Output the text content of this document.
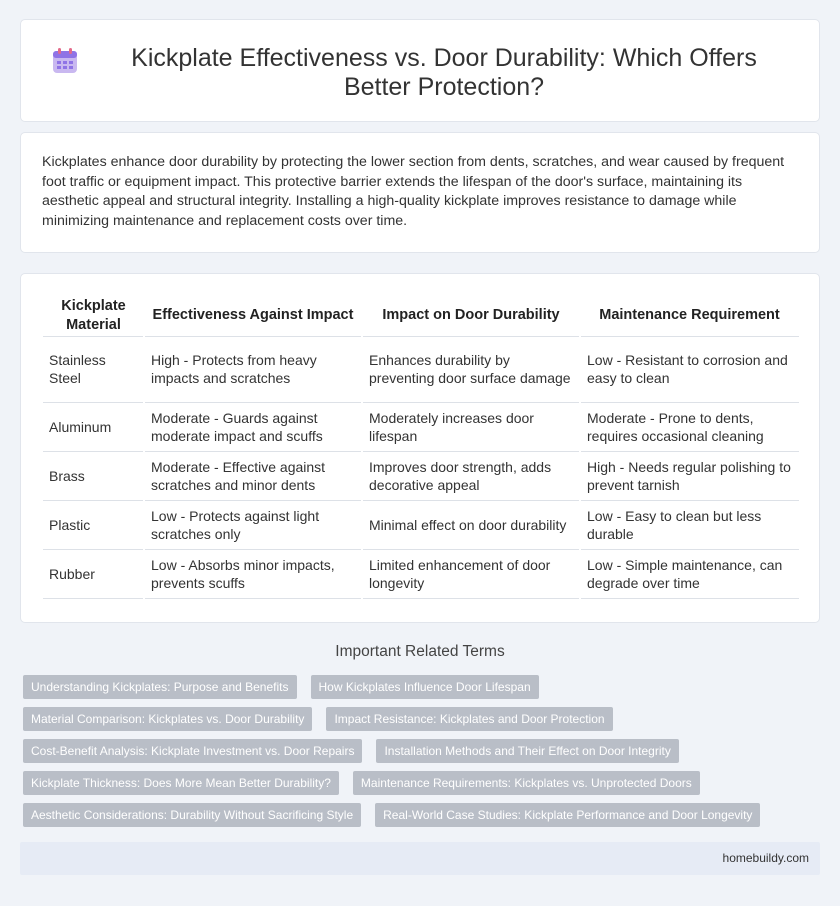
Kickplate Effectiveness vs. Door Durability: Which Offers Better Protection?

Kickplates enhance door durability by protecting the lower section from dents, scratches, and wear caused by frequent foot traffic or equipment impact. This protective barrier extends the lifespan of the door's surface, maintaining its aesthetic appeal and structural integrity. Installing a high-quality kickplate improves resistance to damage while minimizing maintenance and replacement costs over time.

Kickplate Material	Effectiveness Against Impact	Impact on Door Durability	Maintenance Requirement
Stainless Steel	High - Protects from heavy impacts and scratches	Enhances durability by preventing door surface damage	Low - Resistant to corrosion and easy to clean
Aluminum	Moderate - Guards against moderate impact and scuffs	Moderately increases door lifespan	Moderate - Prone to dents, requires occasional cleaning
Brass	Moderate - Effective against scratches and minor dents	Improves door strength, adds decorative appeal	High - Needs regular polishing to prevent tarnish
Plastic	Low - Protects against light scratches only	Minimal effect on door durability	Low - Easy to clean but less durable
Rubber	Low - Absorbs minor impacts, prevents scuffs	Limited enhancement of door longevity	Low - Simple maintenance, can degrade over time
Important Related Terms
Understanding Kickplates: Purpose and Benefits	How Kickplates Influence Door Lifespan
Material Comparison: Kickplates vs. Door Durability	Impact Resistance: Kickplates and Door Protection
Cost-Benefit Analysis: Kickplate Investment vs. Door Repairs	Installation Methods and Their Effect on Door Integrity
Kickplate Thickness: Does More Mean Better Durability?	Maintenance Requirements: Kickplates vs. Unprotected Doors
Aesthetic Considerations: Durability Without Sacrificing Style	Real-World Case Studies: Kickplate Performance and Door Longevity
homebuildy.com
